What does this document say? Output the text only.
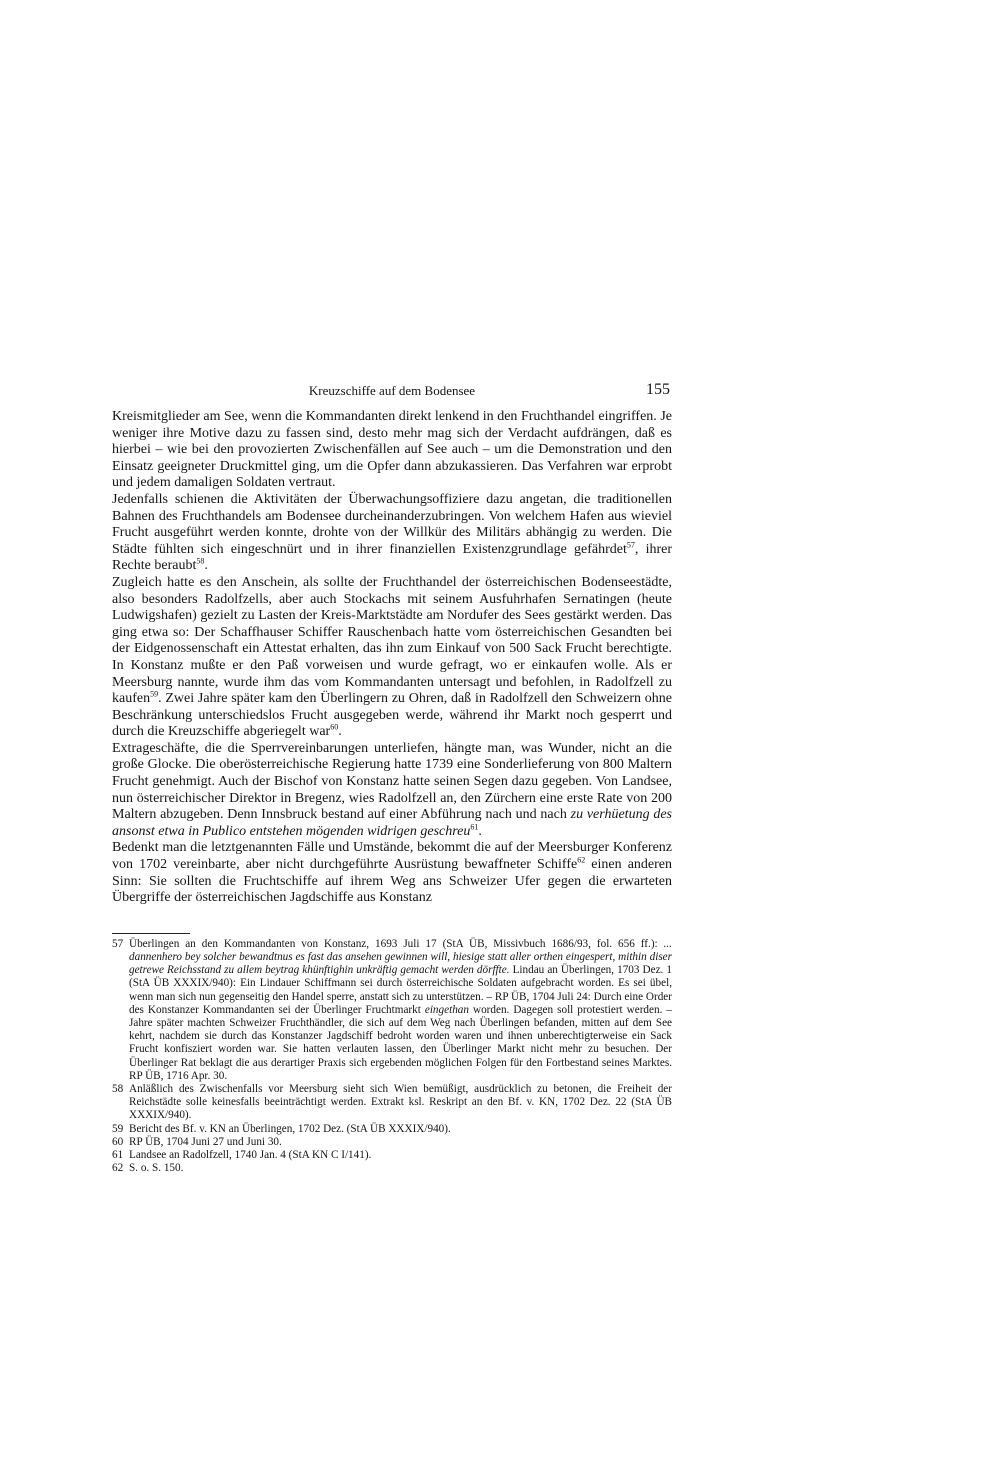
Kreuzschiffe auf dem Bodensee	155

Kreismitglieder am See, wenn die Kommandanten direkt lenkend in den Fruchthandel eingriffen. Je weniger ihre Motive dazu zu fassen sind, desto mehr mag sich der Verdacht aufdrängen, daß es hierbei – wie bei den provozierten Zwischenfällen auf See auch – um die Demonstration und den Einsatz geeigneter Druckmittel ging, um die Opfer dann abzukassieren. Das Verfahren war erprobt und jedem damaligen Soldaten vertraut.

Jedenfalls schienen die Aktivitäten der Überwachungsoffiziere dazu angetan, die traditionellen Bahnen des Fruchthandels am Bodensee durcheinanderzubringen. Von welchem Hafen aus wieviel Frucht ausgeführt werden konnte, drohte von der Willkür des Militärs abhängig zu werden. Die Städte fühlten sich eingeschnürt und in ihrer finanziellen Existenzgrundlage gefährdet$^{57}$, ihrer Rechte beraubt$^{58}$.

Zugleich hatte es den Anschein, als sollte der Fruchthandel der österreichischen Bodenseestädte, also besonders Radolfzells, aber auch Stockachs mit seinem Ausfuhrhafen Sernatingen (heute Ludwigshafen) gezielt zu Lasten der Kreis-Marktstädte am Nordufer des Sees gestärkt werden. Das ging etwa so: Der Schaffhauser Schiffer Rauschenbach hatte vom österreichischen Gesandten bei der Eidgenossenschaft ein Attestat erhalten, das ihn zum Einkauf von 500 Sack Frucht berechtigte. In Konstanz mußte er den Paß vorweisen und wurde gefragt, wo er einkaufen wolle. Als er Meersburg nannte, wurde ihm das vom Kommandanten untersagt und befohlen, in Radolfzell zu kaufen$^{59}$. Zwei Jahre später kam den Überlingern zu Ohren, daß in Radolfzell den Schweizern ohne Beschränkung unterschiedslos Frucht ausgegeben werde, während ihr Markt noch gesperrt und durch die Kreuzschiffe abgeriegelt war$^{60}$.

Extrageschäfte, die die Sperrvereinbarungen unterliefen, hängte man, was Wunder, nicht an die große Glocke. Die oberösterreichische Regierung hatte 1739 eine Sonderlieferung von 800 Maltern Frucht genehmigt. Auch der Bischof von Konstanz hatte seinen Segen dazu gegeben. Von Landsee, nun österreichischer Direktor in Bregenz, wies Radolfzell an, den Zürchern eine erste Rate von 200 Maltern abzugeben. Denn Innsbruck bestand auf einer Abführung nach und nach zu verhüetung des ansonst etwa in Publico entstehen mögenden widrigen geschreu$^{61}$.

Bedenkt man die letztgenannten Fälle und Umstände, bekommt die auf der Meersburger Konferenz von 1702 vereinbarte, aber nicht durchgeführte Ausrüstung bewaffneter Schiffe$^{62}$ einen anderen Sinn: Sie sollten die Fruchtschiffe auf ihrem Weg ans Schweizer Ufer gegen die erwarteten Übergriffe der österreichischen Jagdschiffe aus Konstanz

57 Überlingen an den Kommandanten von Konstanz, 1693 Juli 17 (StA ÜB, Missivbuch 1686/93, fol. 656 ff.): ... dannenhero bey solcher bewandtnus es fast das ansehen gewinnen will, hiesige statt aller orthen eingespert, mithin diser getrewe Reichsstand zu allem beytrag khünftighin unkräftig gemacht werden dörffte. Lindau an Überlingen, 1703 Dez. 1 (StA ÜB XXXIX/940): Ein Lindauer Schiffmann sei durch österreichische Soldaten aufgebracht worden. Es sei übel, wenn man sich nun gegenseitig den Handel sperre, anstatt sich zu unterstützen. – RP ÜB, 1704 Juli 24: Durch eine Order des Konstanzer Kommandanten sei der Überlinger Fruchtmarkt eingethan worden. Dagegen soll protestiert werden. – Jahre später machten Schweizer Fruchthändler, die sich auf dem Weg nach Überlingen befanden, mitten auf dem See kehrt, nachdem sie durch das Konstanzer Jagdschiff bedroht worden waren und ihnen unberechtigterweise ein Sack Frucht konfisziert worden war. Sie hatten verlauten lassen, den Überlinger Markt nicht mehr zu besuchen. Der Überlinger Rat beklagt die aus derartiger Praxis sich ergebenden möglichen Folgen für den Fortbestand seines Marktes. RP ÜB, 1716 Apr. 30.
58 Anläßlich des Zwischenfalls vor Meersburg sieht sich Wien bemüßigt, ausdrücklich zu betonen, die Freiheit der Reichstädte solle keinesfalls beeinträchtigt werden. Extrakt ksl. Reskript an den Bf. v. KN, 1702 Dez. 22 (StA ÜB XXXIX/940).
59 Bericht des Bf. v. KN an Überlingen, 1702 Dez. (StA ÜB XXXIX/940).
60 RP ÜB, 1704 Juni 27 und Juni 30.
61 Landsee an Radolfzell, 1740 Jan. 4 (StA KN C I/141).
62 S. o. S. 150.
